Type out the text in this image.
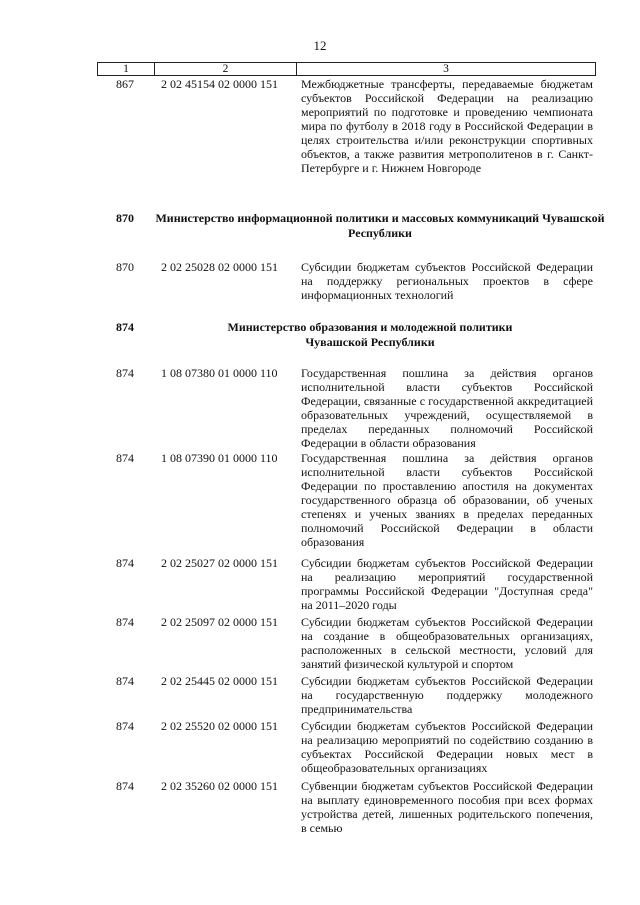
12
1	2	3
867 2 02 45154 02 0000 151 Межбюджетные трансферты, передаваемые бюджетам субъектов Российской Федерации на реализацию мероприятий по подготовке и проведению чемпионата мира по футболу в 2018 году в Российской Федерации в целях строительства и/или реконструкции спортивных объектов, а также развития метрополитенов в г. Санкт-Петербурге и г. Нижнем Новгороде
870	Министерство информационной политики и массовых коммуникаций Чувашской Республики
870 2 02 25028 02 0000 151 Субсидии бюджетам субъектов Российской Федерации на поддержку региональных проектов в сфере информационных технологий
874	Министерство образования и молодежной политики Чувашской Республики
874 1 08 07380 01 0000 110 Государственная пошлина за действия органов исполнительной власти субъектов Российской Федерации, связанные с государственной аккредитацией образовательных учреждений, осуществляемой в пределах переданных полномочий Российской Федерации в области образования
874 1 08 07390 01 0000 110 Государственная пошлина за действия органов исполнительной власти субъектов Российской Федерации по проставлению апостиля на документах государственного образца об образовании, об ученых степенях и ученых званиях в пределах переданных полномочий Российской Федерации в области образования
874 2 02 25027 02 0000 151 Субсидии бюджетам субъектов Российской Федерации на реализацию мероприятий государственной программы Российской Федерации "Доступная среда" на 2011–2020 годы
874 2 02 25097 02 0000 151 Субсидии бюджетам субъектов Российской Федерации на создание в общеобразовательных организациях, расположенных в сельской местности, условий для занятий физической культурой и спортом
874 2 02 25445 02 0000 151 Субсидии бюджетам субъектов Российской Федерации на государственную поддержку молодежного предпринимательства
874 2 02 25520 02 0000 151 Субсидии бюджетам субъектов Российской Федерации на реализацию мероприятий по содействию созданию в субъектах Российской Федерации новых мест в общеобразовательных организациях
874 2 02 35260 02 0000 151 Субвенции бюджетам субъектов Российской Федерации на выплату единовременного пособия при всех формах устройства детей, лишенных родительского попечения, в семью
